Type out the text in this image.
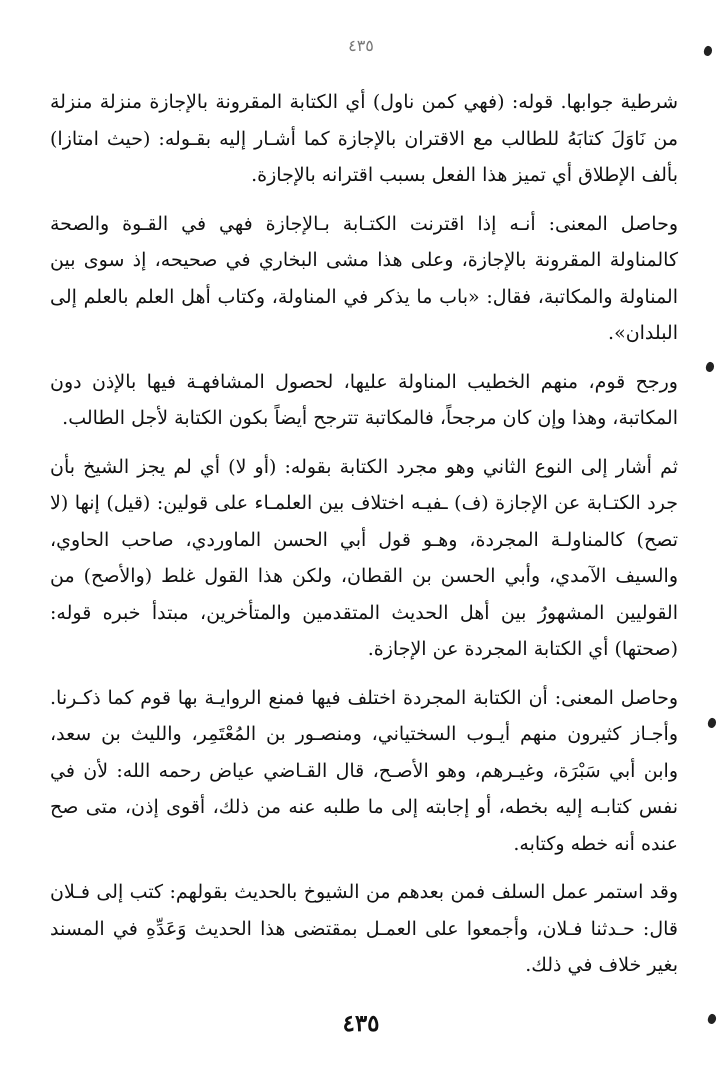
٤٣٥

شرطية جوابها. قوله: (فهي كمن ناول) أي الكتابة المقرونة بالإجازة منزلة منزلة من نَاوَلَ كتابَهُ للطالب مع الاقتران بالإجازة كما أشـار إليه بقـوله: (حيث امتازا) بألف الإطلاق أي تميز هذا الفعل بسبب اقترانه بالإجازة.

وحاصل المعنى: أنـه إذا اقترنت الكتـابة بـالإجازة فهي في القـوة والصحة كالمناولة المقرونة بالإجازة، وعلى هذا مشى البخاري في صحيحه، إذ سوى بين المناولة والمكاتبة، فقال: «باب ما يذكر في المناولة، وكتاب أهل العلم بالعلم إلى البلدان».

ورجح قوم، منهم الخطيب المناولة عليها، لحصول المشافهـة فيها بالإذن دون المكاتبة، وهذا وإن كان مرجحاً، فالمكاتبة تترجح أيضاً بكون الكتابة لأجل الطالب.

ثم أشار إلى النوع الثاني وهو مجرد الكتابة بقوله: (أو لا) أي لم يجز الشيخ بأن جرد الكتـابة عن الإجازة (ف) ـفيـه اختلاف بين العلمـاء على قولين: (قيل) إنها (لا تصح) كالمناولـة المجردة، وهـو قول أبي الحسن الماوردي، صاحب الحاوي، والسيف الآمدي، وأبي الحسن بن القطان، ولكن هذا القول غلط (والأصح) من القوليين المشهورُ بين أهل الحديث المتقدمين والمتأخرين، مبتدأ خبره قوله: (صحتها) أي الكتابة المجردة عن الإجازة.

وحاصل المعنى: أن الكتابة المجردة اختلف فيها فمنع الروايـة بها قوم كما ذكـرنا. وأجـاز كثيرون منهم أيـوب السختياني، ومنصـور بن المُعْتَمِر، والليث بن سعد، وابن أبي سَبْرَة، وغيـرهم، وهو الأصـح، قال القـاضي عياض رحمه الله: لأن في نفس كتابـه إليه بخطه، أو إجابته إلى ما طلبه عنه من ذلك، أقوى إذن، متى صح عنده أنه خطه وكتابه.

وقد استمر عمل السلف فمن بعدهم من الشيوخ بالحديث بقولهم: كتب إلى فـلان قال: حـدثنا فـلان، وأجمعوا على العمـل بمقتضى هذا الحديث وَعَدِّهِ في المسند بغير خلاف في ذلك.

٤٣٥
